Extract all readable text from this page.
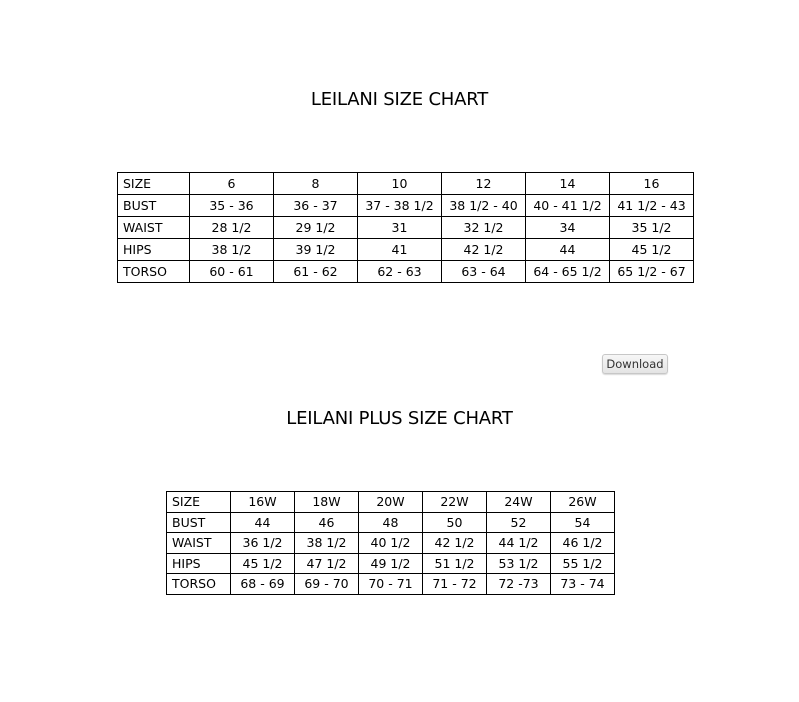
LEILANI SIZE CHART
SIZE	6	8	10	12	14	16
BUST	35 - 36	36 - 37	37 - 38 1/2	38 1/2 - 40	40 - 41 1/2	41 1/2 - 43
WAIST	28 1/2	29 1/2	31	32 1/2	34	35 1/2
HIPS	38 1/2	39 1/2	41	42 1/2	44	45 1/2
TORSO	60 - 61	61 - 62	62 - 63	63 - 64	64 - 65 1/2	65 1/2 - 67
Download
LEILANI PLUS SIZE CHART
SIZE	16W	18W	20W	22W	24W	26W
BUST	44	46	48	50	52	54
WAIST	36 1/2	38 1/2	40 1/2	42 1/2	44 1/2	46 1/2
HIPS	45 1/2	47 1/2	49 1/2	51 1/2	53 1/2	55 1/2
TORSO	68 - 69	69 - 70	70 - 71	71 - 72	72 -73	73 - 74
